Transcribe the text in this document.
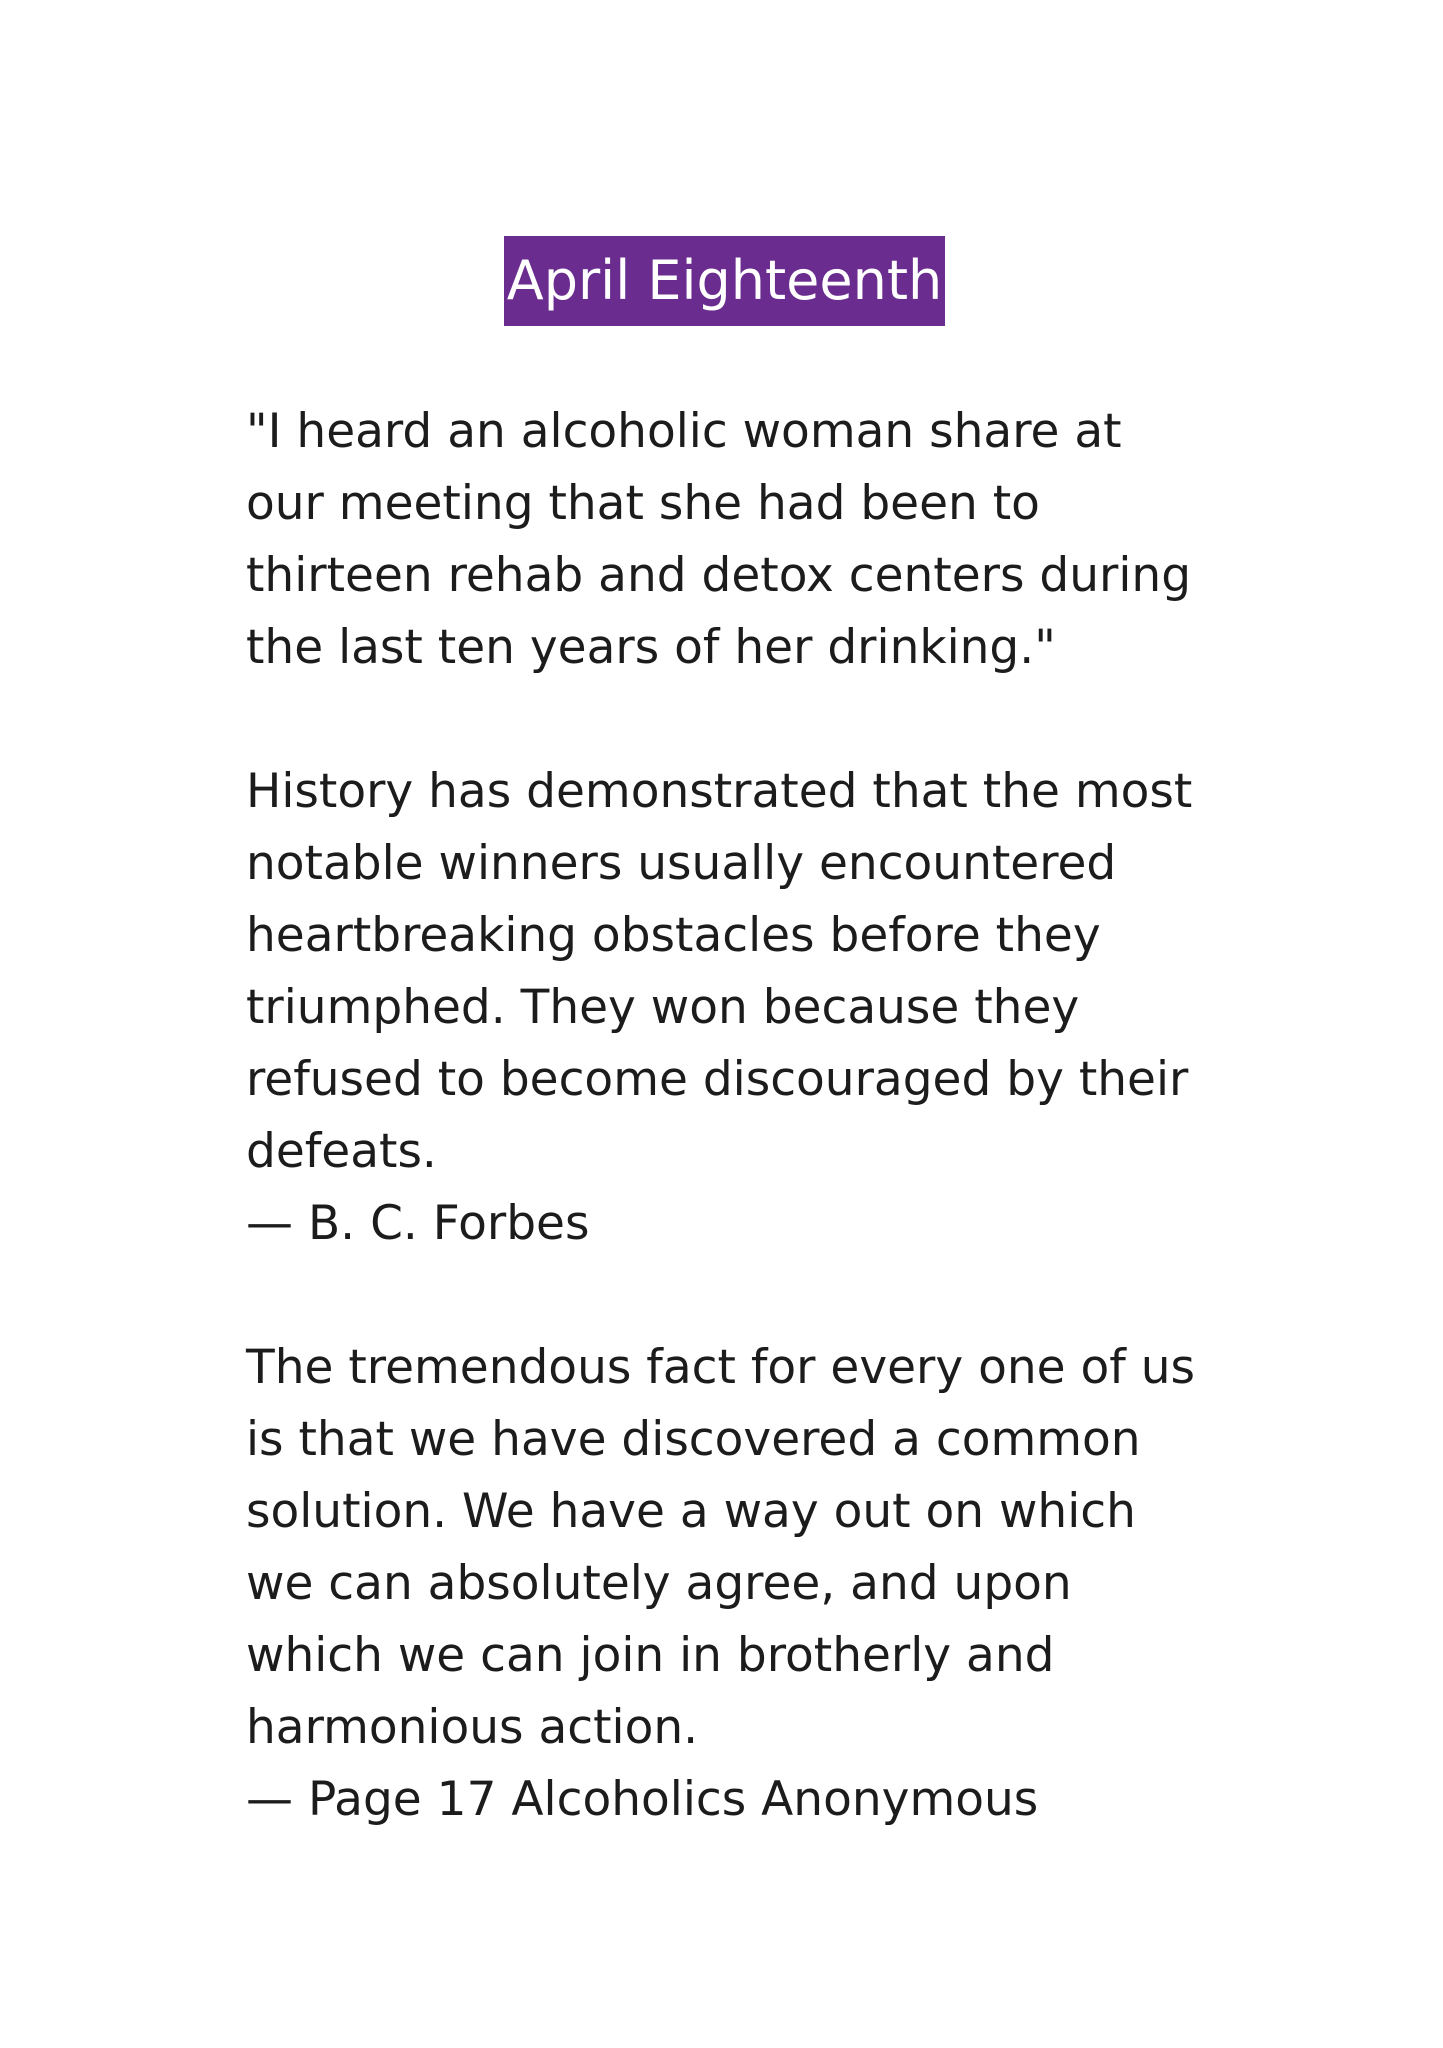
April Eighteenth
"I heard an alcoholic woman share at
our meeting that she had been to
thirteen rehab and detox centers during
the last ten years of her drinking."
History has demonstrated that the most
notable winners usually encountered
heartbreaking obstacles before they
triumphed. They won because they
refused to become discouraged by their
defeats.
— B. C. Forbes
The tremendous fact for every one of us
is that we have discovered a common
solution. We have a way out on which
we can absolutely agree, and upon
which we can join in brotherly and
harmonious action.
— Page 17 Alcoholics Anonymous
